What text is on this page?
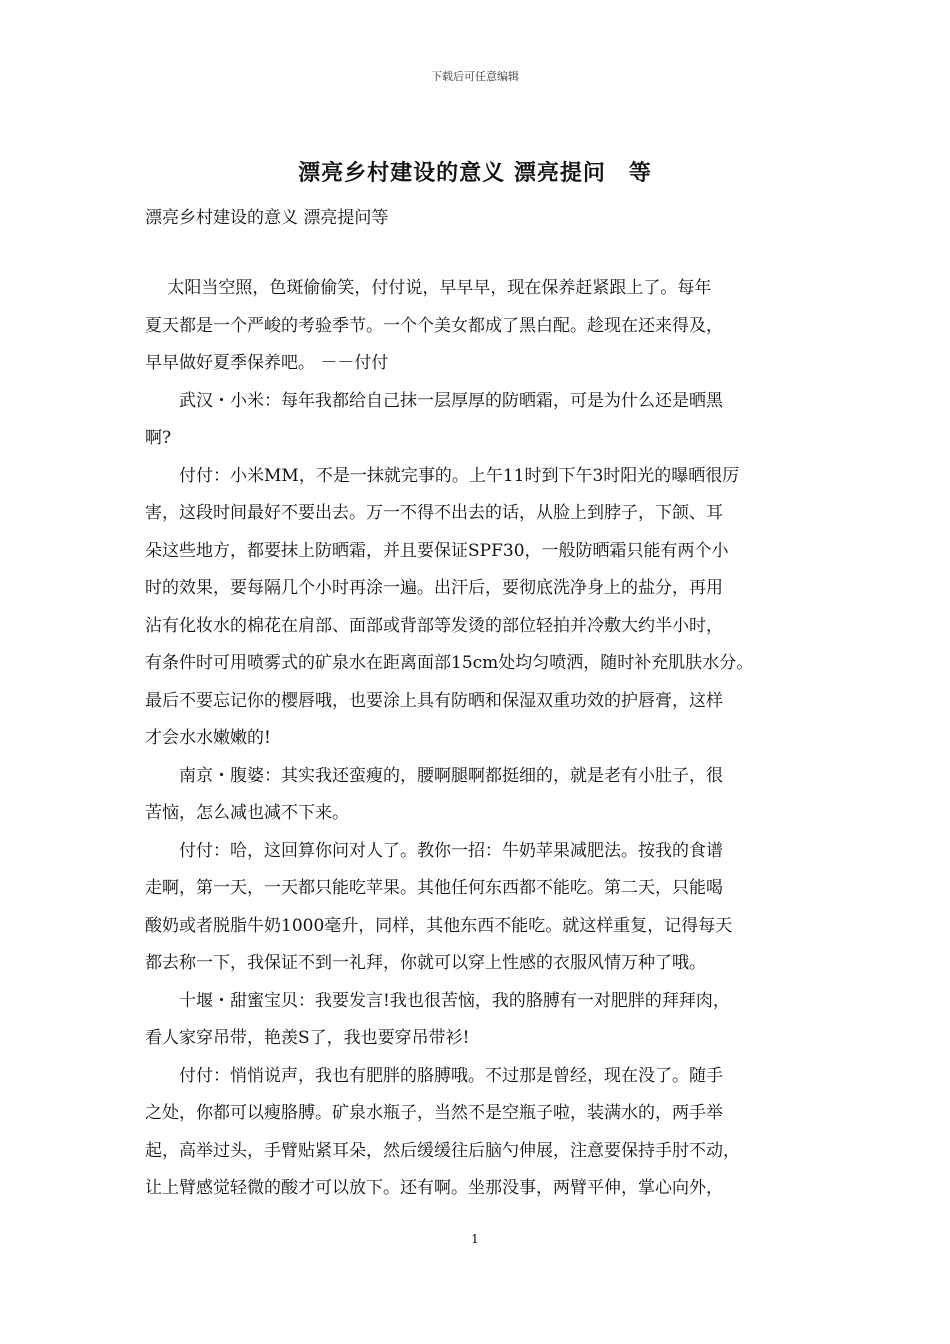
下载后可任意编辑
漂亮乡村建设的意义 漂亮提问　等
漂亮乡村建设的意义 漂亮提问等
　 太阳当空照，色斑偷偷笑，付付说，早早早，现在保养赶紧跟上了。每年
夏天都是一个严峻的考验季节。一个个美女都成了黑白配。趁现在还来得及，
早早做好夏季保养吧。 －－付付
　　武汉・小米：每年我都给自己抹一层厚厚的防晒霜，可是为什么还是晒黑
啊?
　　付付：小米MM，不是一抹就完事的。上午11时到下午3时阳光的曝晒很厉
害，这段时间最好不要出去。万一不得不出去的话，从脸上到脖子，下颌、耳
朵这些地方，都要抹上防晒霜，并且要保证SPF30，一般防晒霜只能有两个小
时的效果，要每隔几个小时再涂一遍。出汗后，要彻底洗净身上的盐分，再用
沾有化妆水的棉花在肩部、面部或背部等发烫的部位轻拍并冷敷大约半小时，
有条件时可用喷雾式的矿泉水在距离面部15cm处均匀喷洒，随时补充肌肤水分。
最后不要忘记你的樱唇哦，也要涂上具有防晒和保湿双重功效的护唇膏，这样
才会水水嫩嫩的!
　　南京・腹婆：其实我还蛮瘦的，腰啊腿啊都挺细的，就是老有小肚子，很
苦恼，怎么减也减不下来。
　　付付：哈，这回算你问对人了。教你一招：牛奶苹果减肥法。按我的食谱
走啊，第一天，一天都只能吃苹果。其他任何东西都不能吃。第二天，只能喝
酸奶或者脱脂牛奶1000毫升，同样，其他东西不能吃。就这样重复，记得每天
都去称一下，我保证不到一礼拜，你就可以穿上性感的衣服风情万种了哦。
　　十堰・甜蜜宝贝：我要发言!我也很苦恼，我的胳膊有一对肥胖的拜拜肉，
看人家穿吊带，艳羡S了，我也要穿吊带衫!
　　付付：悄悄说声，我也有肥胖的胳膊哦。不过那是曾经，现在没了。随手
之处，你都可以瘦胳膊。矿泉水瓶子，当然不是空瓶子啦，装满水的，两手举
起，高举过头，手臂贴紧耳朵，然后缓缓往后脑勺伸展，注意要保持手肘不动，
让上臂感觉轻微的酸才可以放下。还有啊。坐那没事，两臂平伸，掌心向外，
1
